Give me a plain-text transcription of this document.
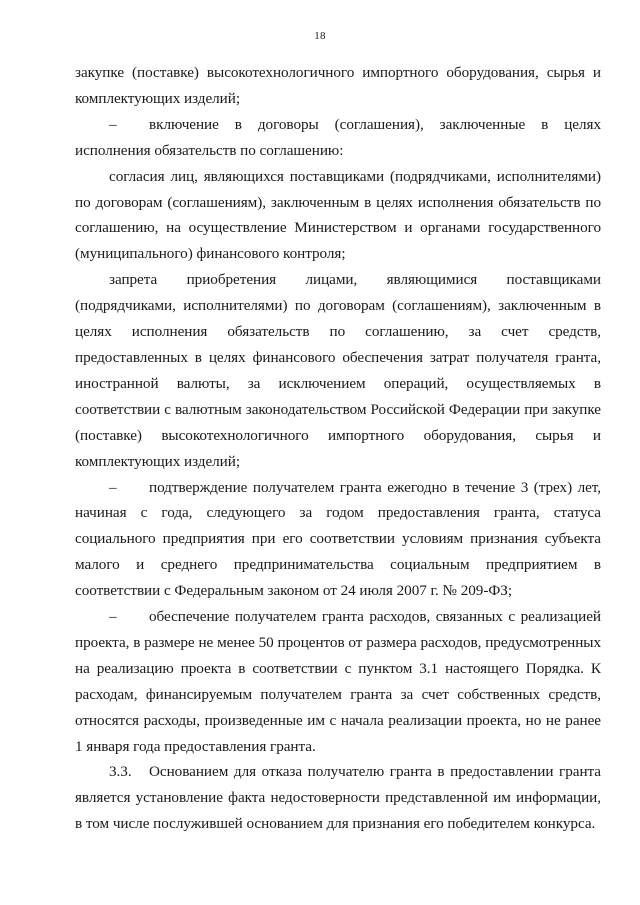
18

закупке (поставке) высокотехнологичного импортного оборудования, сырья и комплектующих изделий;

– включение в договоры (соглашения), заключенные в целях исполнения обязательств по соглашению:

согласия лиц, являющихся поставщиками (подрядчиками, исполнителями) по договорам (соглашениям), заключенным в целях исполнения обязательств по соглашению, на осуществление Министерством и органами государственного (муниципального) финансового контроля;

запрета приобретения лицами, являющимися поставщиками (подрядчиками, исполнителями) по договорам (соглашениям), заключенным в целях исполнения обязательств по соглашению, за счет средств, предоставленных в целях финансового обеспечения затрат получателя гранта, иностранной валюты, за исключением операций, осуществляемых в соответствии с валютным законодательством Российской Федерации при закупке (поставке) высокотехнологичного импортного оборудования, сырья и комплектующих изделий;

– подтверждение получателем гранта ежегодно в течение 3 (трех) лет, начиная с года, следующего за годом предоставления гранта, статуса социального предприятия при его соответствии условиям признания субъекта малого и среднего предпринимательства социальным предприятием в соответствии с Федеральным законом от 24 июля 2007 г. № 209-ФЗ;

– обеспечение получателем гранта расходов, связанных с реализацией проекта, в размере не менее 50 процентов от размера расходов, предусмотренных на реализацию проекта в соответствии с пунктом 3.1 настоящего Порядка. К расходам, финансируемым получателем гранта за счет собственных средств, относятся расходы, произведенные им с начала реализации проекта, но не ранее 1 января года предоставления гранта.

3.3. Основанием для отказа получателю гранта в предоставлении гранта является установление факта недостоверности представленной им информации, в том числе послужившей основанием для признания его победителем конкурса.
